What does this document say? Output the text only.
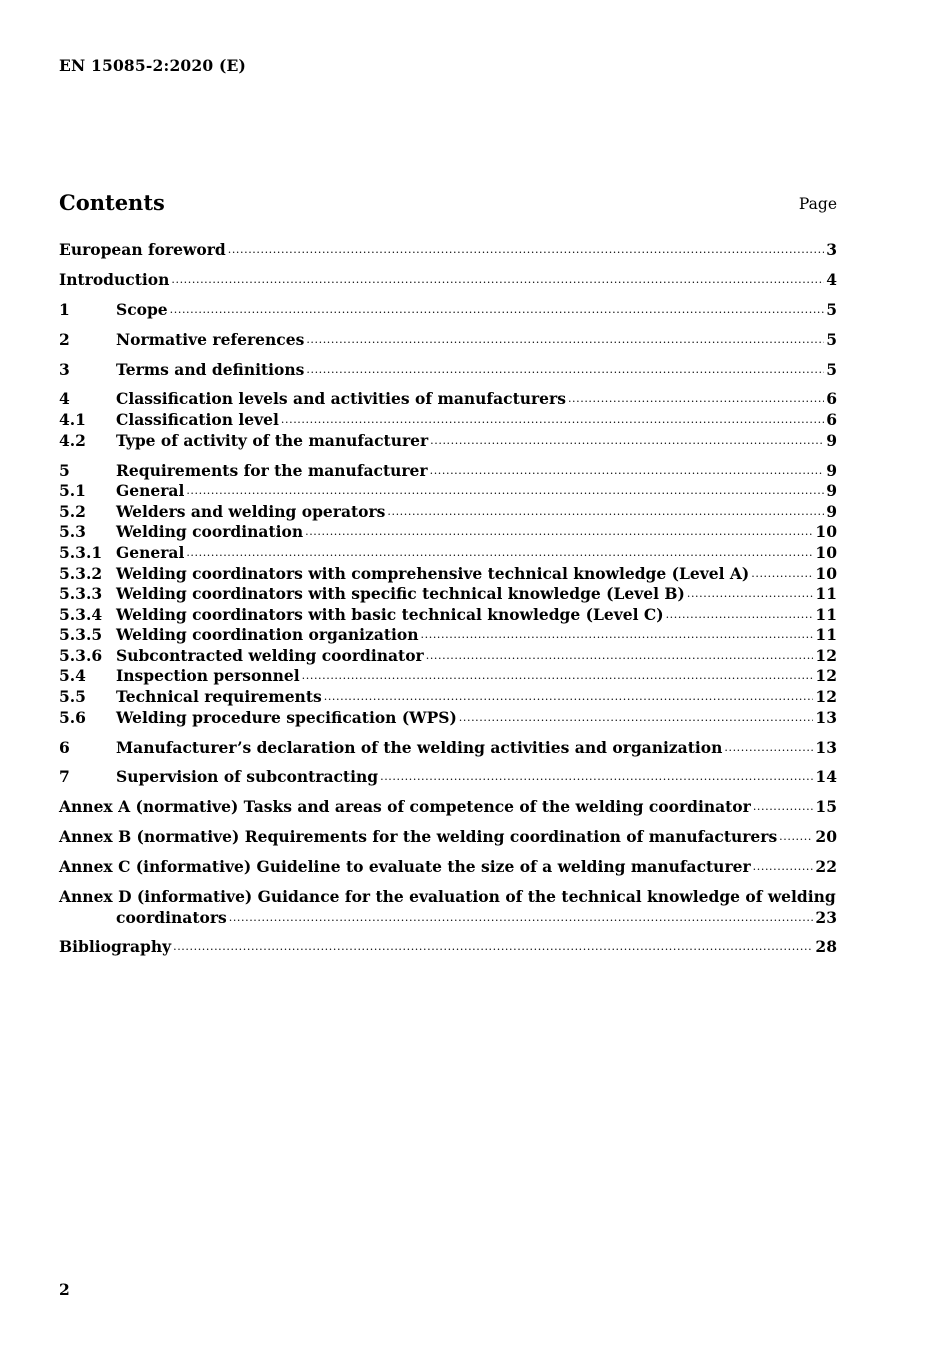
EN 15085-2:2020 (E)
Contents	Page
European foreword .....	3
Introduction .....	4
1	Scope .....	5
2	Normative references .....	5
3	Terms and definitions .....	5
4	Classification levels and activities of manufacturers .....	6
4.1	Classification level .....	6
4.2	Type of activity of the manufacturer .....	9
5	Requirements for the manufacturer .....	9
5.1	General .....	9
5.2	Welders and welding operators .....	9
5.3	Welding coordination .....	10
5.3.1 General .....	10
5.3.2 Welding coordinators with comprehensive technical knowledge (Level A) .....	10
5.3.3 Welding coordinators with specific technical knowledge (Level B) .....	11
5.3.4 Welding coordinators with basic technical knowledge (Level C) .....	11
5.3.5 Welding coordination organization .....	11
5.3.6 Subcontracted welding coordinator .....	12
5.4	Inspection personnel .....	12
5.5	Technical requirements .....	12
5.6	Welding procedure specification (WPS) .....	13
6	Manufacturer’s declaration of the welding activities and organization .....	13
7	Supervision of subcontracting .....	14
Annex A (normative) Tasks and areas of competence of the welding coordinator .....	15
Annex B (normative) Requirements for the welding coordination of manufacturers ..... 20
Annex C (informative) Guideline to evaluate the size of a welding manufacturer .....	22
Annex D (informative) Guidance for the evaluation of the technical knowledge of welding
coordinators .....	23
Bibliography .....	28
2
